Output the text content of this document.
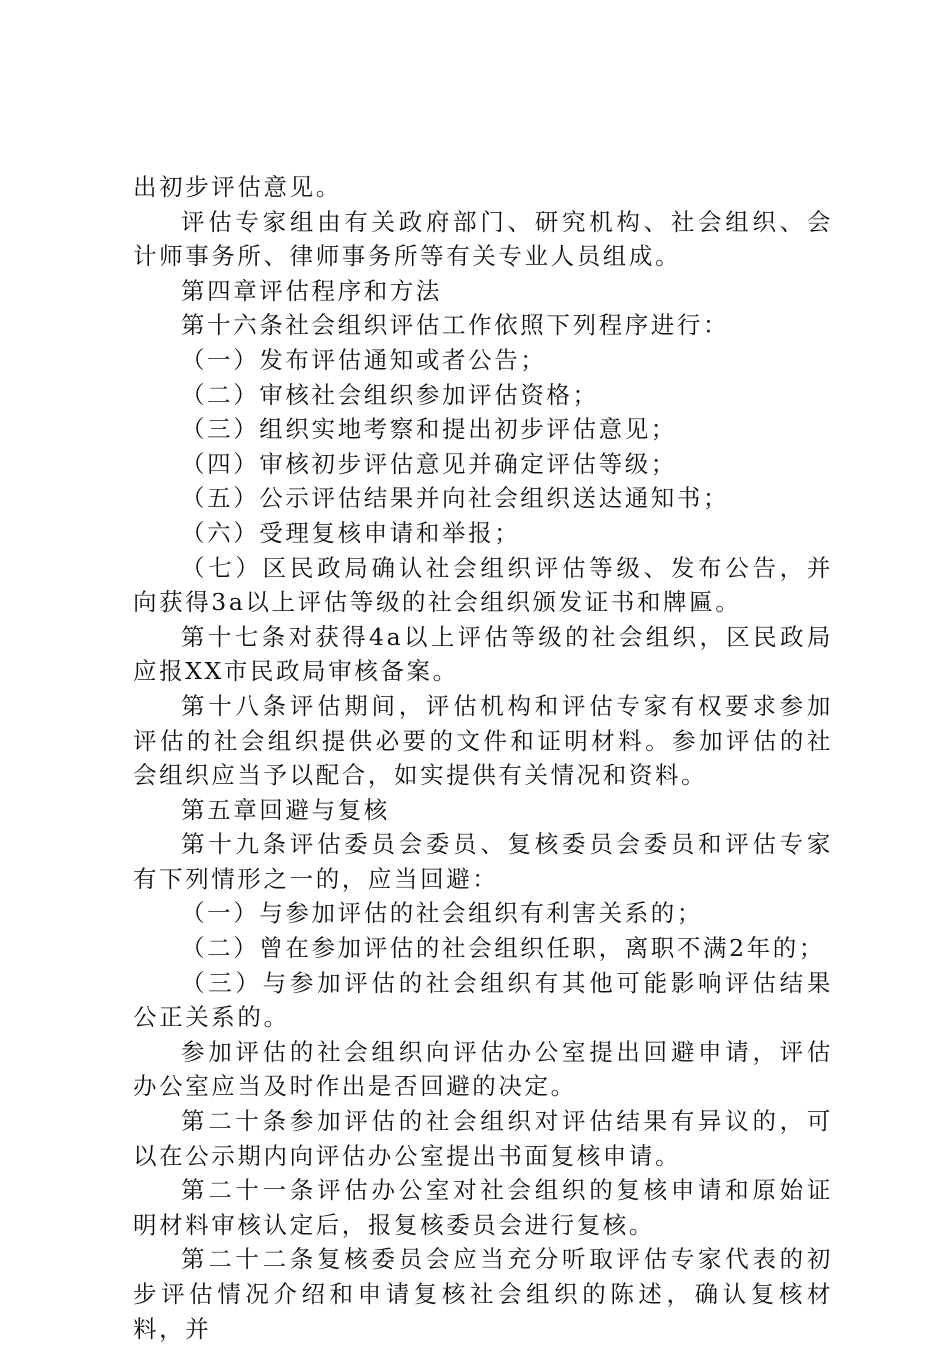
出初步评估意见。

评估专家组由有关政府部门、研究机构、社会组织、会计师事务所、律师事务所等有关专业人员组成。

第四章评估程序和方法

第十六条社会组织评估工作依照下列程序进行：

（一）发布评估通知或者公告；

（二）审核社会组织参加评估资格；

（三）组织实地考察和提出初步评估意见；

（四）审核初步评估意见并确定评估等级；

（五）公示评估结果并向社会组织送达通知书；

（六）受理复核申请和举报；

（七）区民政局确认社会组织评估等级、发布公告，并向获得3a以上评估等级的社会组织颁发证书和牌匾。

第十七条对获得4a以上评估等级的社会组织，区民政局应报XX市民政局审核备案。

第十八条评估期间，评估机构和评估专家有权要求参加评估的社会组织提供必要的文件和证明材料。参加评估的社会组织应当予以配合，如实提供有关情况和资料。

第五章回避与复核

第十九条评估委员会委员、复核委员会委员和评估专家有下列情形之一的，应当回避：

（一）与参加评估的社会组织有利害关系的；

（二）曾在参加评估的社会组织任职，离职不满2年的；

（三）与参加评估的社会组织有其他可能影响评估结果公正关系的。

参加评估的社会组织向评估办公室提出回避申请，评估办公室应当及时作出是否回避的决定。

第二十条参加评估的社会组织对评估结果有异议的，可以在公示期内向评估办公室提出书面复核申请。

第二十一条评估办公室对社会组织的复核申请和原始证明材料审核认定后，报复核委员会进行复核。

第二十二条复核委员会应当充分听取评估专家代表的初步评估情况介绍和申请复核社会组织的陈述，确认复核材料，并
